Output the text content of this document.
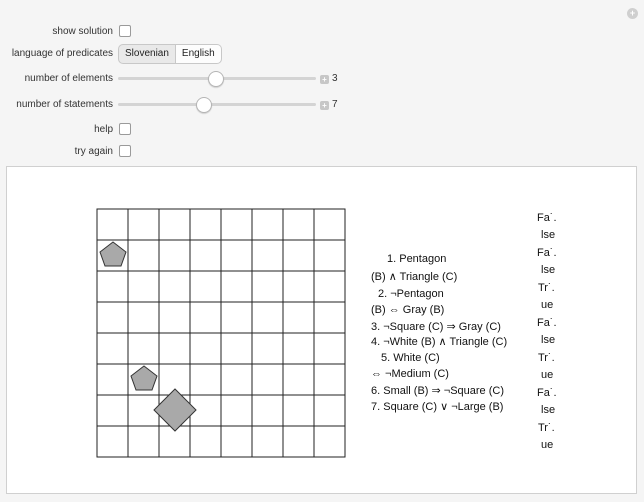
+
show solution
language of predicates	Slovenian	English
number of elements	+ 3
number of statements	+ 7
help
try again
1. Pentagon
(B) ∧ Triangle (C)
2. ¬Pentagon
(B) ⇔ Gray (B)
3. ¬Square (C) ⇒ Gray (C)
4. ¬White (B) ∧ Triangle (C)
5. White (C)
⇔ ¬Medium (C)
6. Small (B) ⇒ ¬Square (C)
7. Square (C) ∨ ¬Large (B)
Fa˙.
lse
Fa˙.
lse
Tr˙.
ue
Fa˙.
lse
Tr˙.
ue
Fa˙.
lse
Tr˙.
ue
